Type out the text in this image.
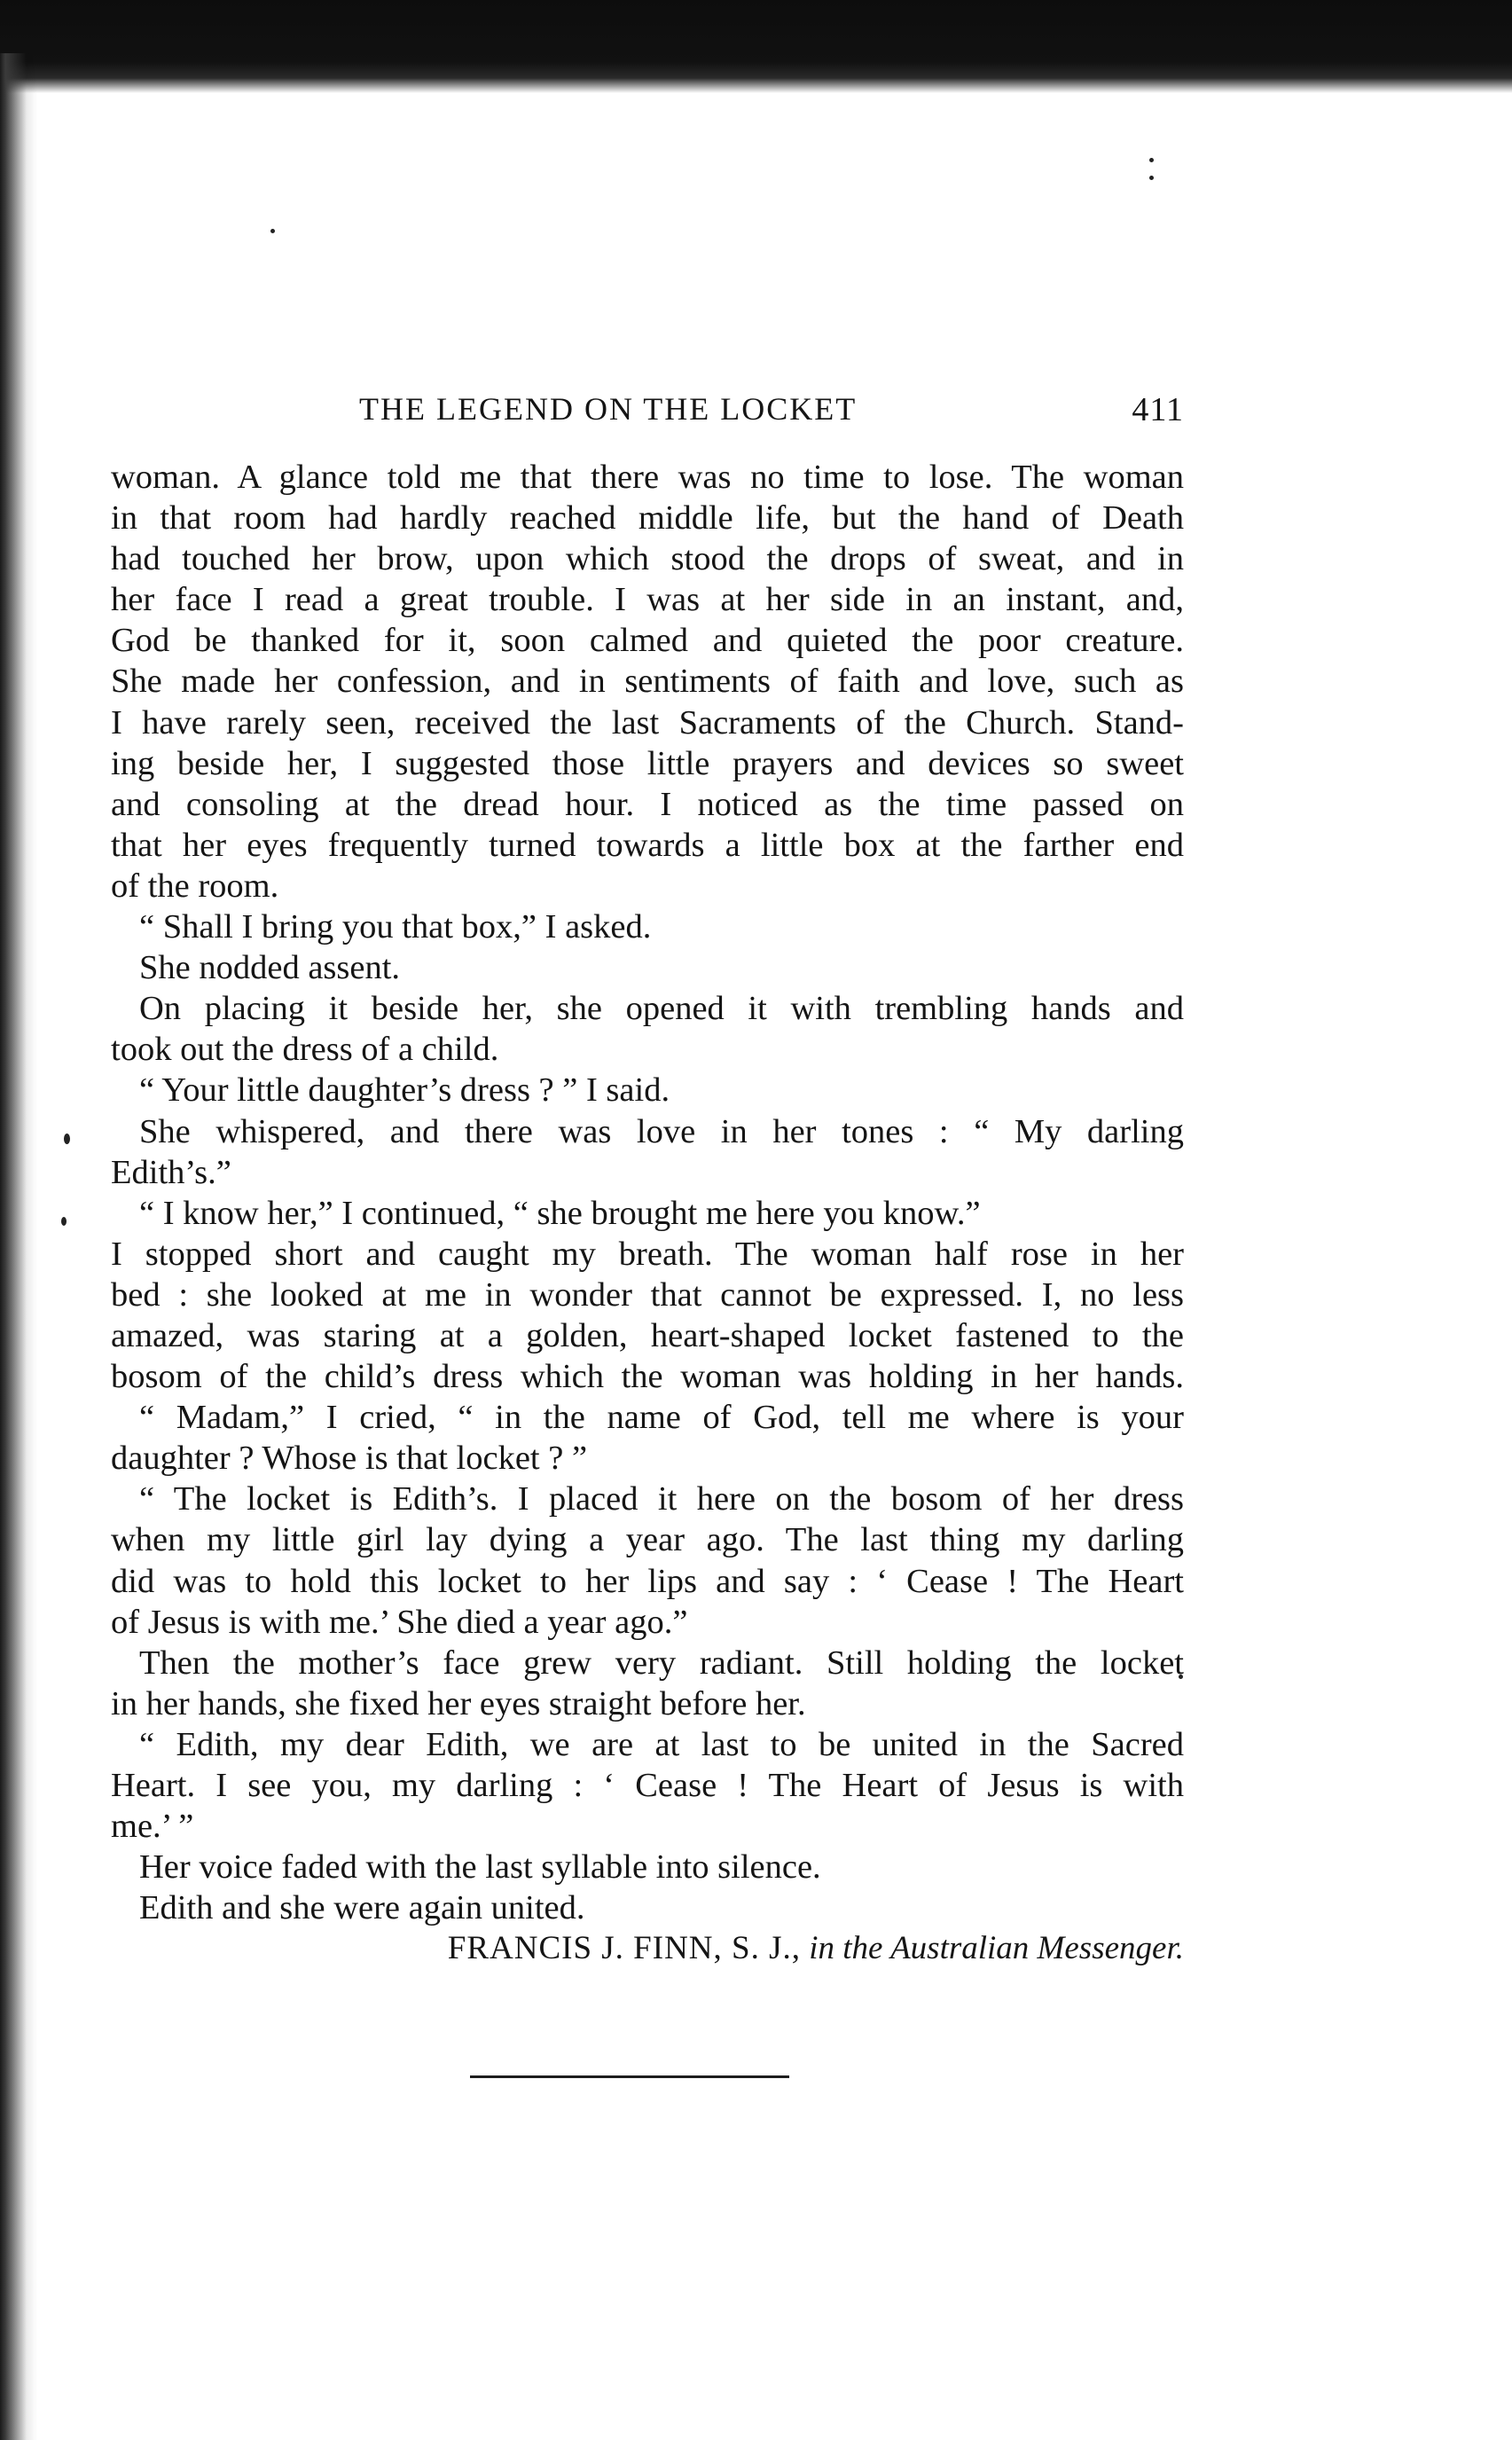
THE LEGEND ON THE LOCKET	411
woman. A glance told me that there was no time to lose. The woman
in that room had hardly reached middle life, but the hand of Death
had touched her brow, upon which stood the drops of sweat, and in
her face I read a great trouble. I was at her side in an instant, and,
God be thanked for it, soon calmed and quieted the poor creature.
She made her confession, and in sentiments of faith and love, such as
I have rarely seen, received the last Sacraments of the Church. Stand-
ing beside her, I suggested those little prayers and devices so sweet
and consoling at the dread hour. I noticed as the time passed on
that her eyes frequently turned towards a little box at the farther end
of the room.
“ Shall I bring you that box,” I asked.
She nodded assent.
On placing it beside her, she opened it with trembling hands and
took out the dress of a child.
“ Your little daughter’s dress ? ” I said.
She whispered, and there was love in her tones : “ My darling
Edith’s.”
“ I know her,” I continued, “ she brought me here you know.”
I stopped short and caught my breath. The woman half rose in her
bed : she looked at me in wonder that cannot be expressed. I, no less
amazed, was staring at a golden, heart-shaped locket fastened to the
bosom of the child’s dress which the woman was holding in her hands.
“ Madam,” I cried, “ in the name of God, tell me where is your
daughter ? Whose is that locket ? ”
“ The locket is Edith’s. I placed it here on the bosom of her dress
when my little girl lay dying a year ago. The last thing my darling
did was to hold this locket to her lips and say : ‘ Cease ! The Heart
of Jesus is with me.’ She died a year ago.”
Then the mother’s face grew very radiant. Still holding the locket
in her hands, she fixed her eyes straight before her.
“ Edith, my dear Edith, we are at last to be united in the Sacred
Heart. I see you, my darling : ‘ Cease ! The Heart of Jesus is with
me.’ ”
Her voice faded with the last syllable into silence.
Edith and she were again united.
FRANCIS J. FINN, S. J., in the Australian Messenger.
